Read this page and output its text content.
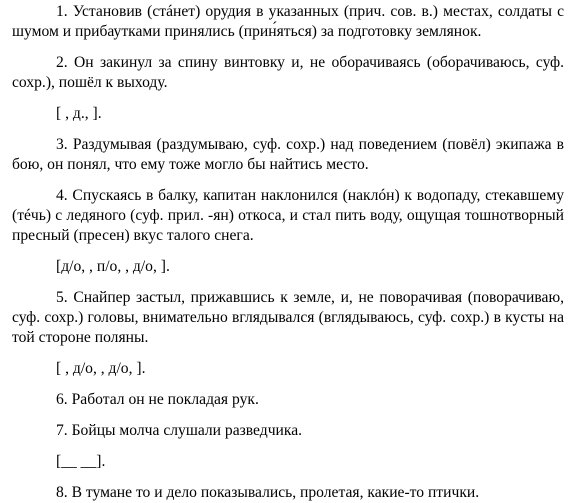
1. Установив (стáнет) орудия в указанных (прич. сов. в.) местах, солдаты с шумом и прибаутками принялись (прин́яться) за подготовку землянок.

2. Он закинул за спину винтовку и, не оборачиваясь (оборачиваюсь, суф. сохр.), пошёл к выходу.

[ , д., ].

3. Раздумывая (раздумываю, суф. сохр.) над поведением (повёл) экипажа в бою, он понял, что ему тоже могло бы найтись место.

4. Спускаясь в балку, капитан наклонился (наклóн) к водопаду, стекавшему (тéчь) с ледяного (суф. прил. -ян) откоса, и стал пить воду, ощущая тошнотворный пресный (пресен) вкус талого снега.

[д/о, , п/о, , д/о, ].

5. Снайпер застыл, прижавшись к земле, и, не поворачивая (поворачиваю, суф. сохр.) головы, внимательно вглядывался (вглядываюсь, суф. сохр.) в кусты на той стороне поляны.

[ , д/о, , д/о, ].

6. Работал он не покладая рук.

7. Бойцы молча слушали разведчика.

[__ __].

8. В тумане то и дело показывались, пролетая, какие-то птички.
